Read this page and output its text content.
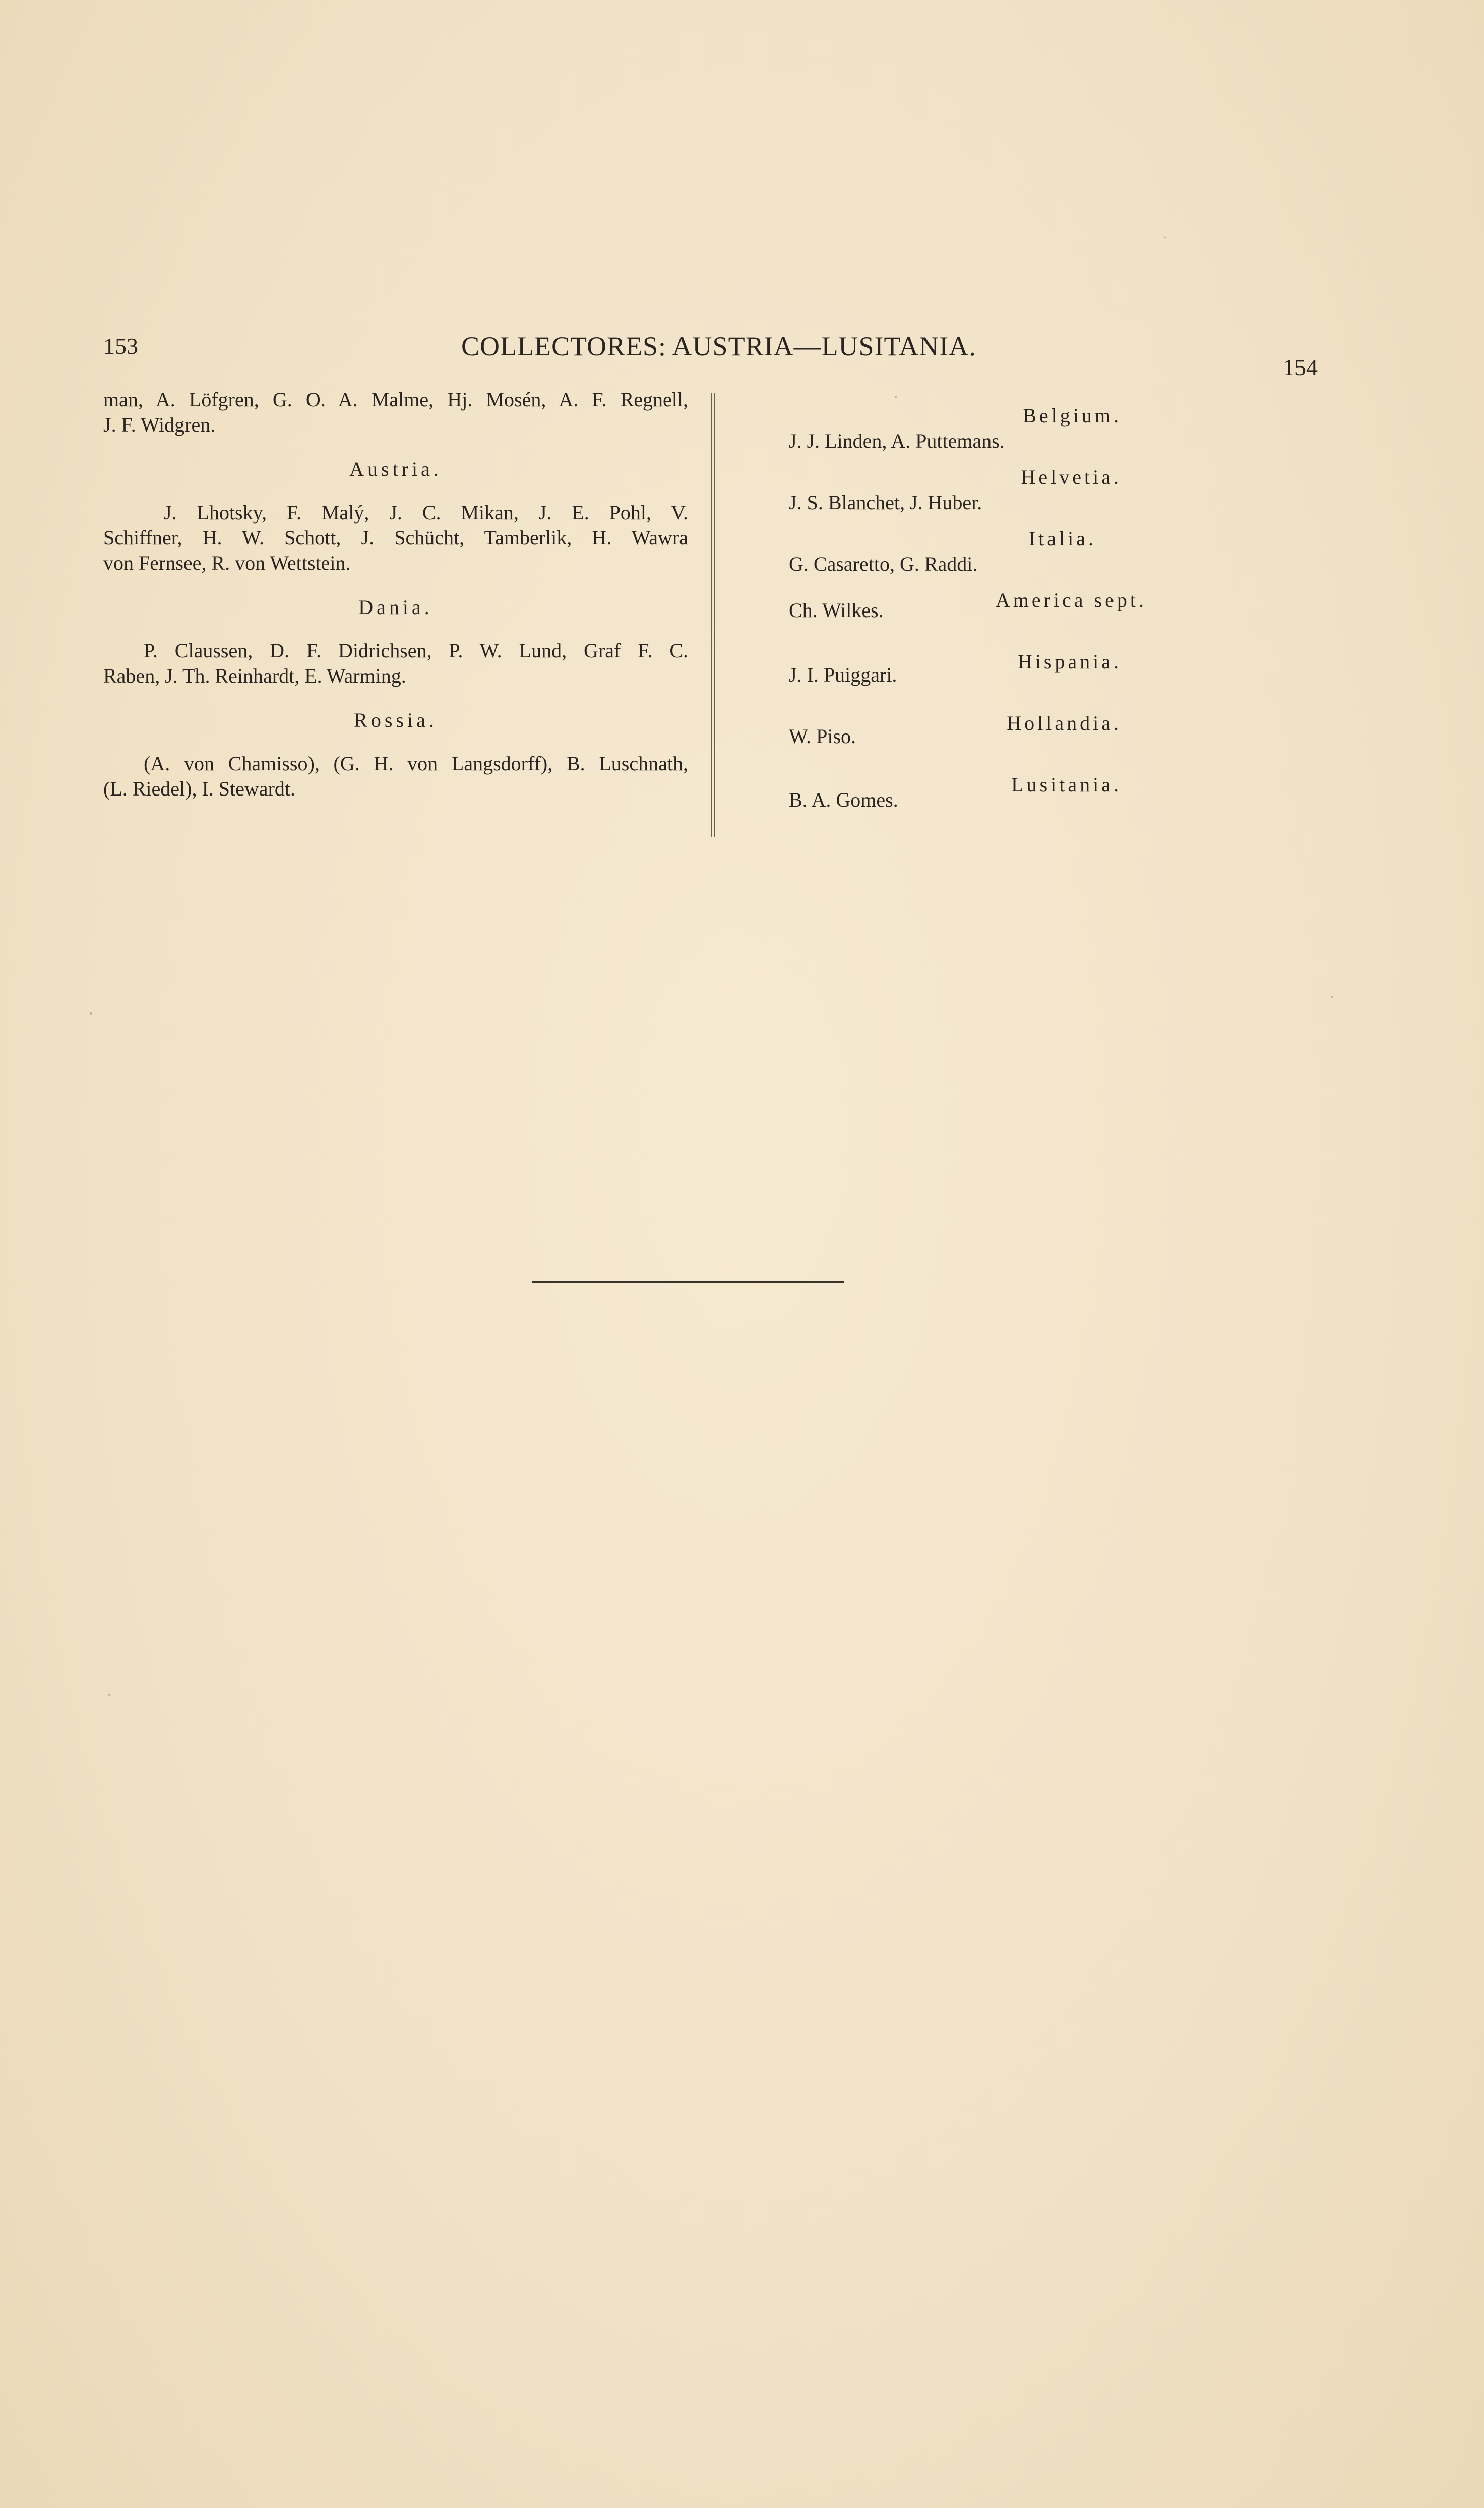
153	COLLECTORES: AUSTRIA—LUSITANIA.
154
man, A. Löfgren, G. O. A. Malme, Hj. Mosén, A. F. Regnell,
J. F. Widgren.
Austria.
J. Lhotsky, F. Malý, J. C. Mikan, J. E. Pohl, V.
Schiffner, H. W. Schott, J. Schücht, Tamberlik, H. Wawra
von Fernsee, R. von Wettstein.
Dania.
P. Claussen, D. F. Didrichsen, P. W. Lund, Graf F. C.
Raben, J. Th. Reinhardt, E. Warming.
Rossia.
(A. von Chamisso), (G. H. von Langsdorff), B. Luschnath,
(L. Riedel), I. Stewardt.
Belgium.
J. J. Linden, A. Puttemans.
Helvetia.
J. S. Blanchet, J. Huber.
Italia.
G. Casaretto, G. Raddi.
America sept.
Ch. Wilkes.
Hispania.
J. I. Puiggari.
Hollandia.
W. Piso.
Lusitania.
B. A. Gomes.
